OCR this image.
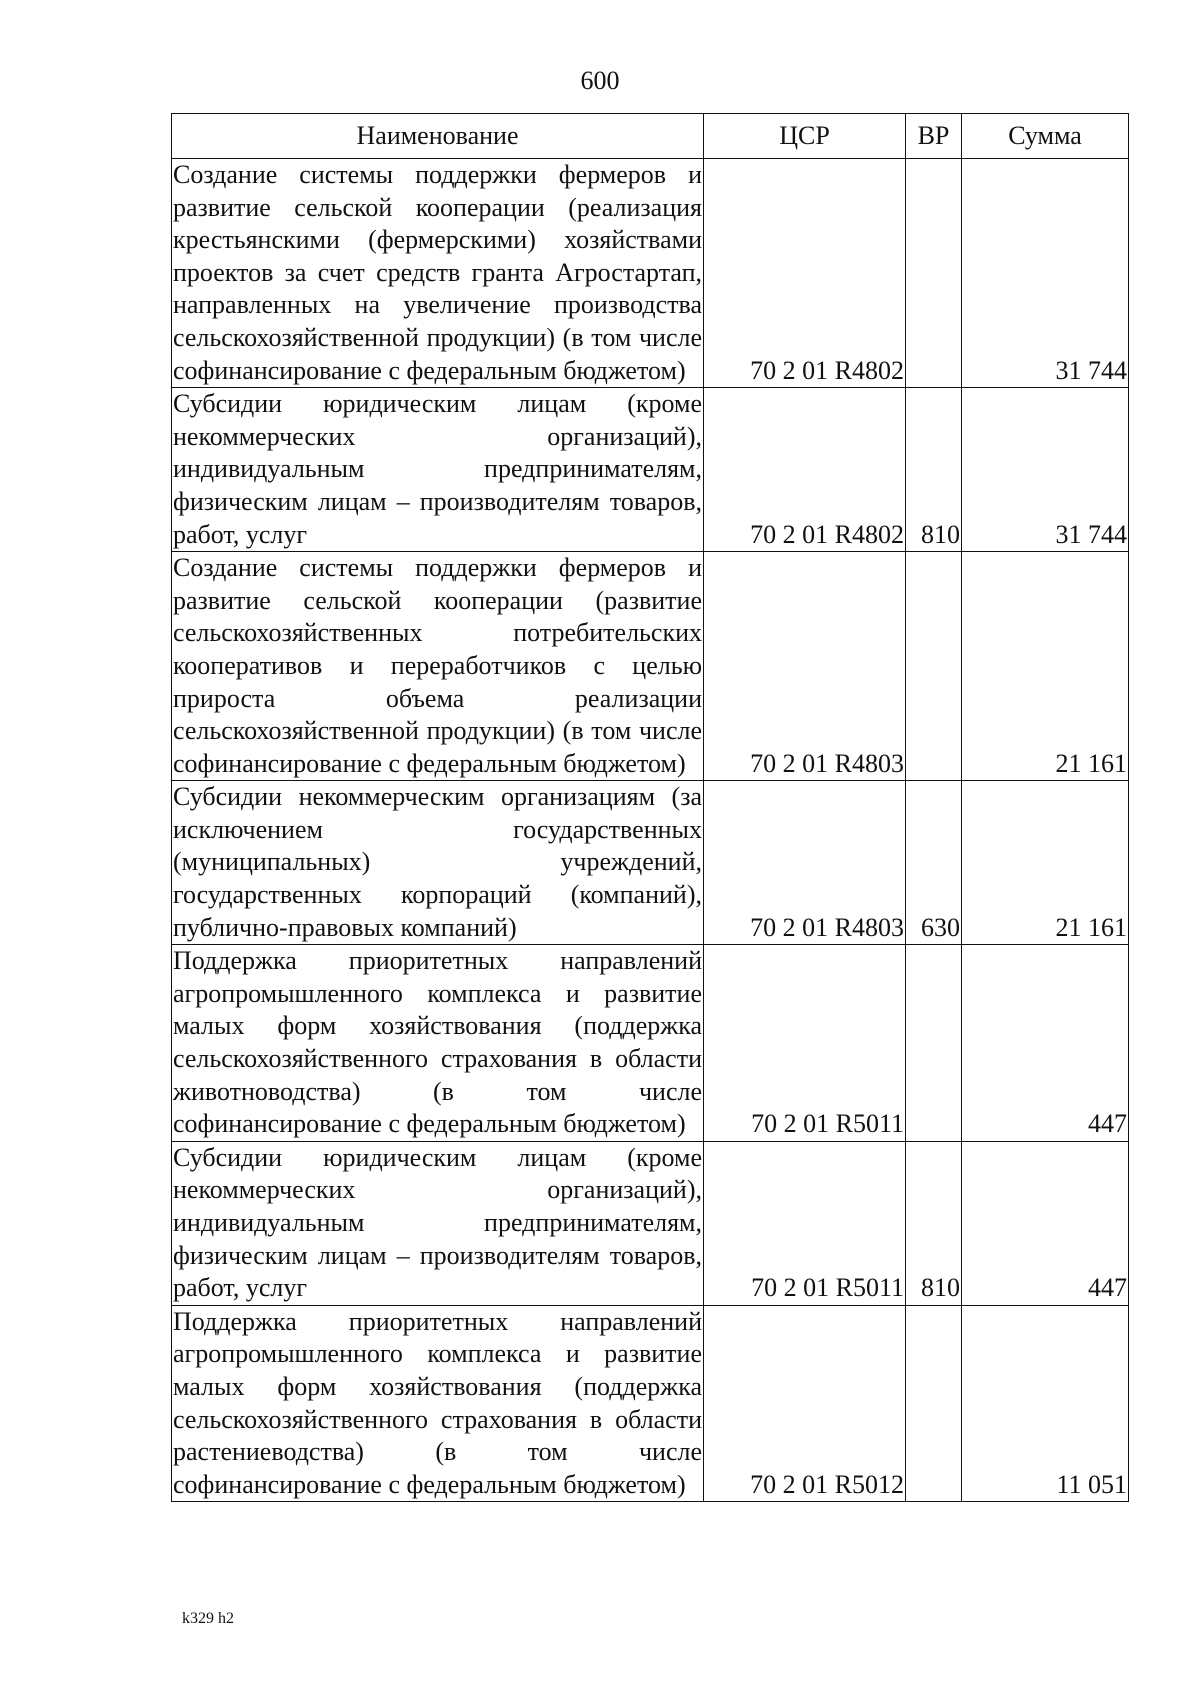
600
Наименование	ЦСР	ВР	Сумма
Создание системы поддержки фермеров и развитие сельской кооперации (реализация крестьянскими (фермерскими) хозяйствами проектов за счет средств гранта Агростартап, направленных на увеличение производства сельскохозяйственной продукции) (в том числе софинансирование с федеральным бюджетом)	70 2 01 R4802		31 744
Субсидии юридическим лицам (кроме некоммерческих организаций), индивидуальным предпринимателям, физическим лицам – производителям товаров, работ, услуг	70 2 01 R4802	810	31 744
Создание системы поддержки фермеров и развитие сельской кооперации (развитие сельскохозяйственных потребительских кооперативов и переработчиков с целью прироста объема реализации сельскохозяйственной продукции) (в том числе софинансирование с федеральным бюджетом)	70 2 01 R4803		21 161
Субсидии некоммерческим организациям (за исключением государственных (муниципальных) учреждений, государственных корпораций (компаний), публично-правовых компаний)	70 2 01 R4803	630	21 161
Поддержка приоритетных направлений агропромышленного комплекса и развитие малых форм хозяйствования (поддержка сельскохозяйственного страхования в области животноводства) (в том числе софинансирование с федеральным бюджетом)	70 2 01 R5011		447
Субсидии юридическим лицам (кроме некоммерческих организаций), индивидуальным предпринимателям, физическим лицам – производителям товаров, работ, услуг	70 2 01 R5011	810	447
Поддержка приоритетных направлений агропромышленного комплекса и развитие малых форм хозяйствования (поддержка сельскохозяйственного страхования в области растениеводства) (в том числе софинансирование с федеральным бюджетом)	70 2 01 R5012		11 051
k329 h2
